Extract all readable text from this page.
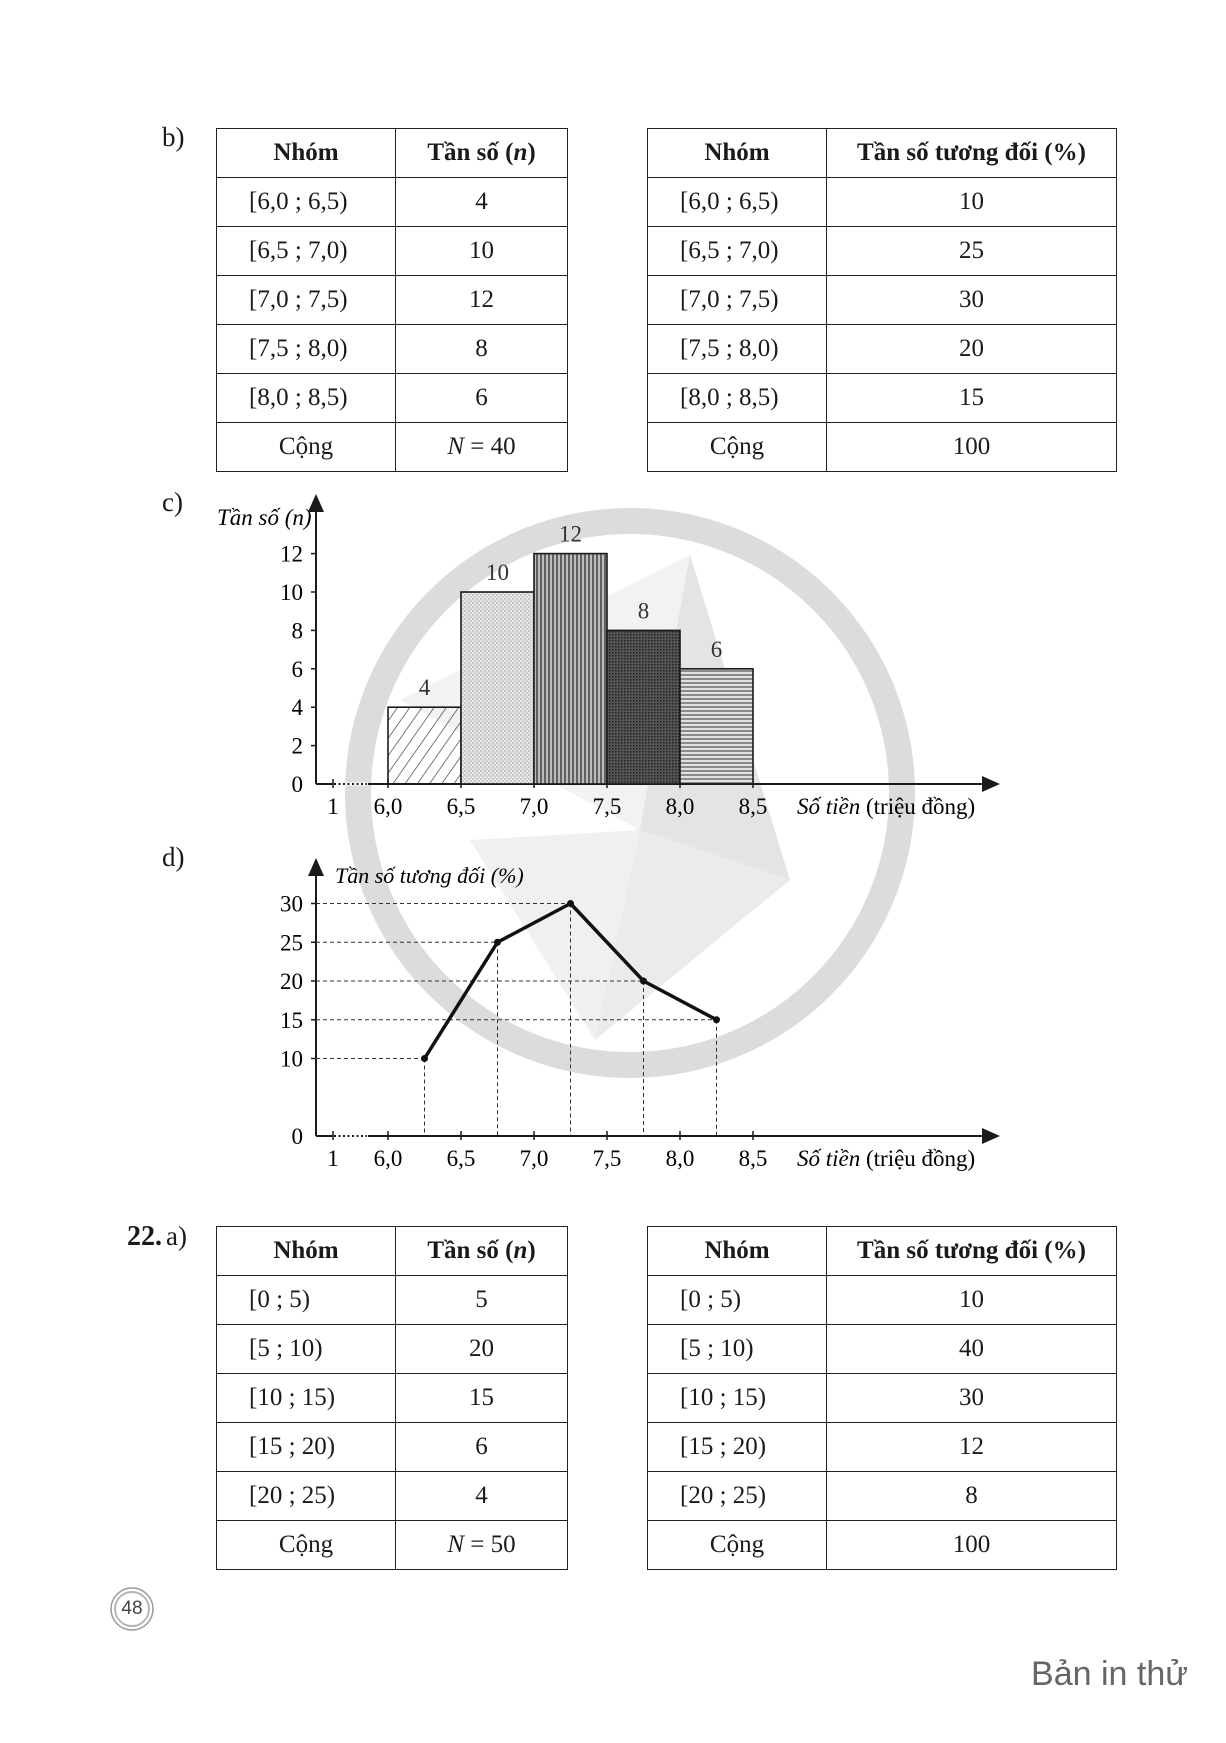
b)
Nhóm	Tần số (n)
[6,0 ; 6,5)	4
[6,5 ; 7,0)	10
[7,0 ; 7,5)	12
[7,5 ; 8,0)	8
[8,0 ; 8,5)	6
Cộng	N = 40
Nhóm	Tần số tương đối (%)
[6,0 ; 6,5)	10
[6,5 ; 7,0)	25
[7,0 ; 7,5)	30
[7,5 ; 8,0)	20
[8,0 ; 8,5)	15
Cộng	100
c)
1 6,0 6,5 7,0 7,5 8,0 8,5 Số tiền (triệu đồng)
0
2
4
6
8
10
12
Tần số (n)
4
10
12
8
6
d)
1 6,0 6,5 7,0 7,5 8,0 8,5 Số tiền (triệu đồng)
0
10
15
20
25
30
Tần số tương đối (%)
22. a)	Nhóm	Tần số (n)
[0 ; 5)	5
[5 ; 10)	20
[10 ; 15)	15
[15 ; 20)	6
[20 ; 25)	4
Cộng	N = 50
Nhóm	Tần số tương đối (%)
[0 ; 5)	10
[5 ; 10)	40
[10 ; 15)	30
[15 ; 20)	12
[20 ; 25)	8
Cộng	100
48
Bản in thử
